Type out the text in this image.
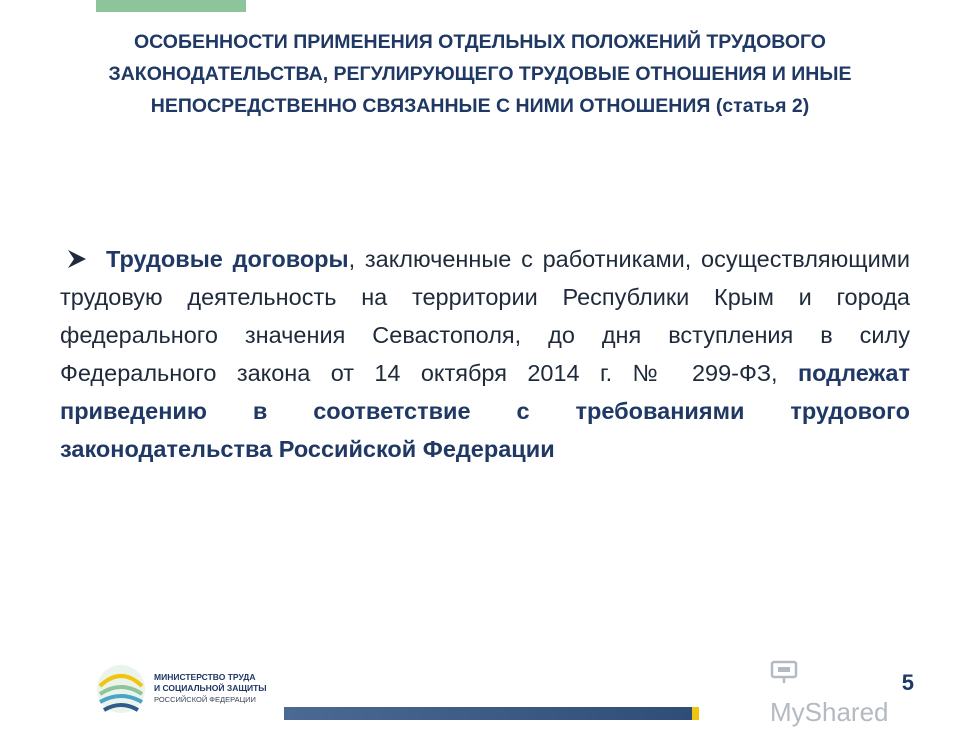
ОСОБЕННОСТИ ПРИМЕНЕНИЯ ОТДЕЛЬНЫХ ПОЛОЖЕНИЙ ТРУДОВОГО ЗАКОНОДАТЕЛЬСТВА, РЕГУЛИРУЮЩЕГО ТРУДОВЫЕ ОТНОШЕНИЯ И ИНЫЕ НЕПОСРЕДСТВЕННО СВЯЗАННЫЕ С НИМИ ОТНОШЕНИЯ (статья 2)

Трудовые договоры, заключенные с работниками, осуществляющими трудовую деятельность на территории Республики Крым и города федерального значения Севастополя, до дня вступления в силу Федерального закона от 14 октября 2014 г. № 299-ФЗ, подлежат приведению в соответствие с требованиями трудового законодательства Российской Федерации

МИНИСТЕРСТВО ТРУДА
И СОЦИАЛЬНОЙ ЗАЩИТЫ
РОССИЙСКОЙ ФЕДЕРАЦИИ	MyShared
5
